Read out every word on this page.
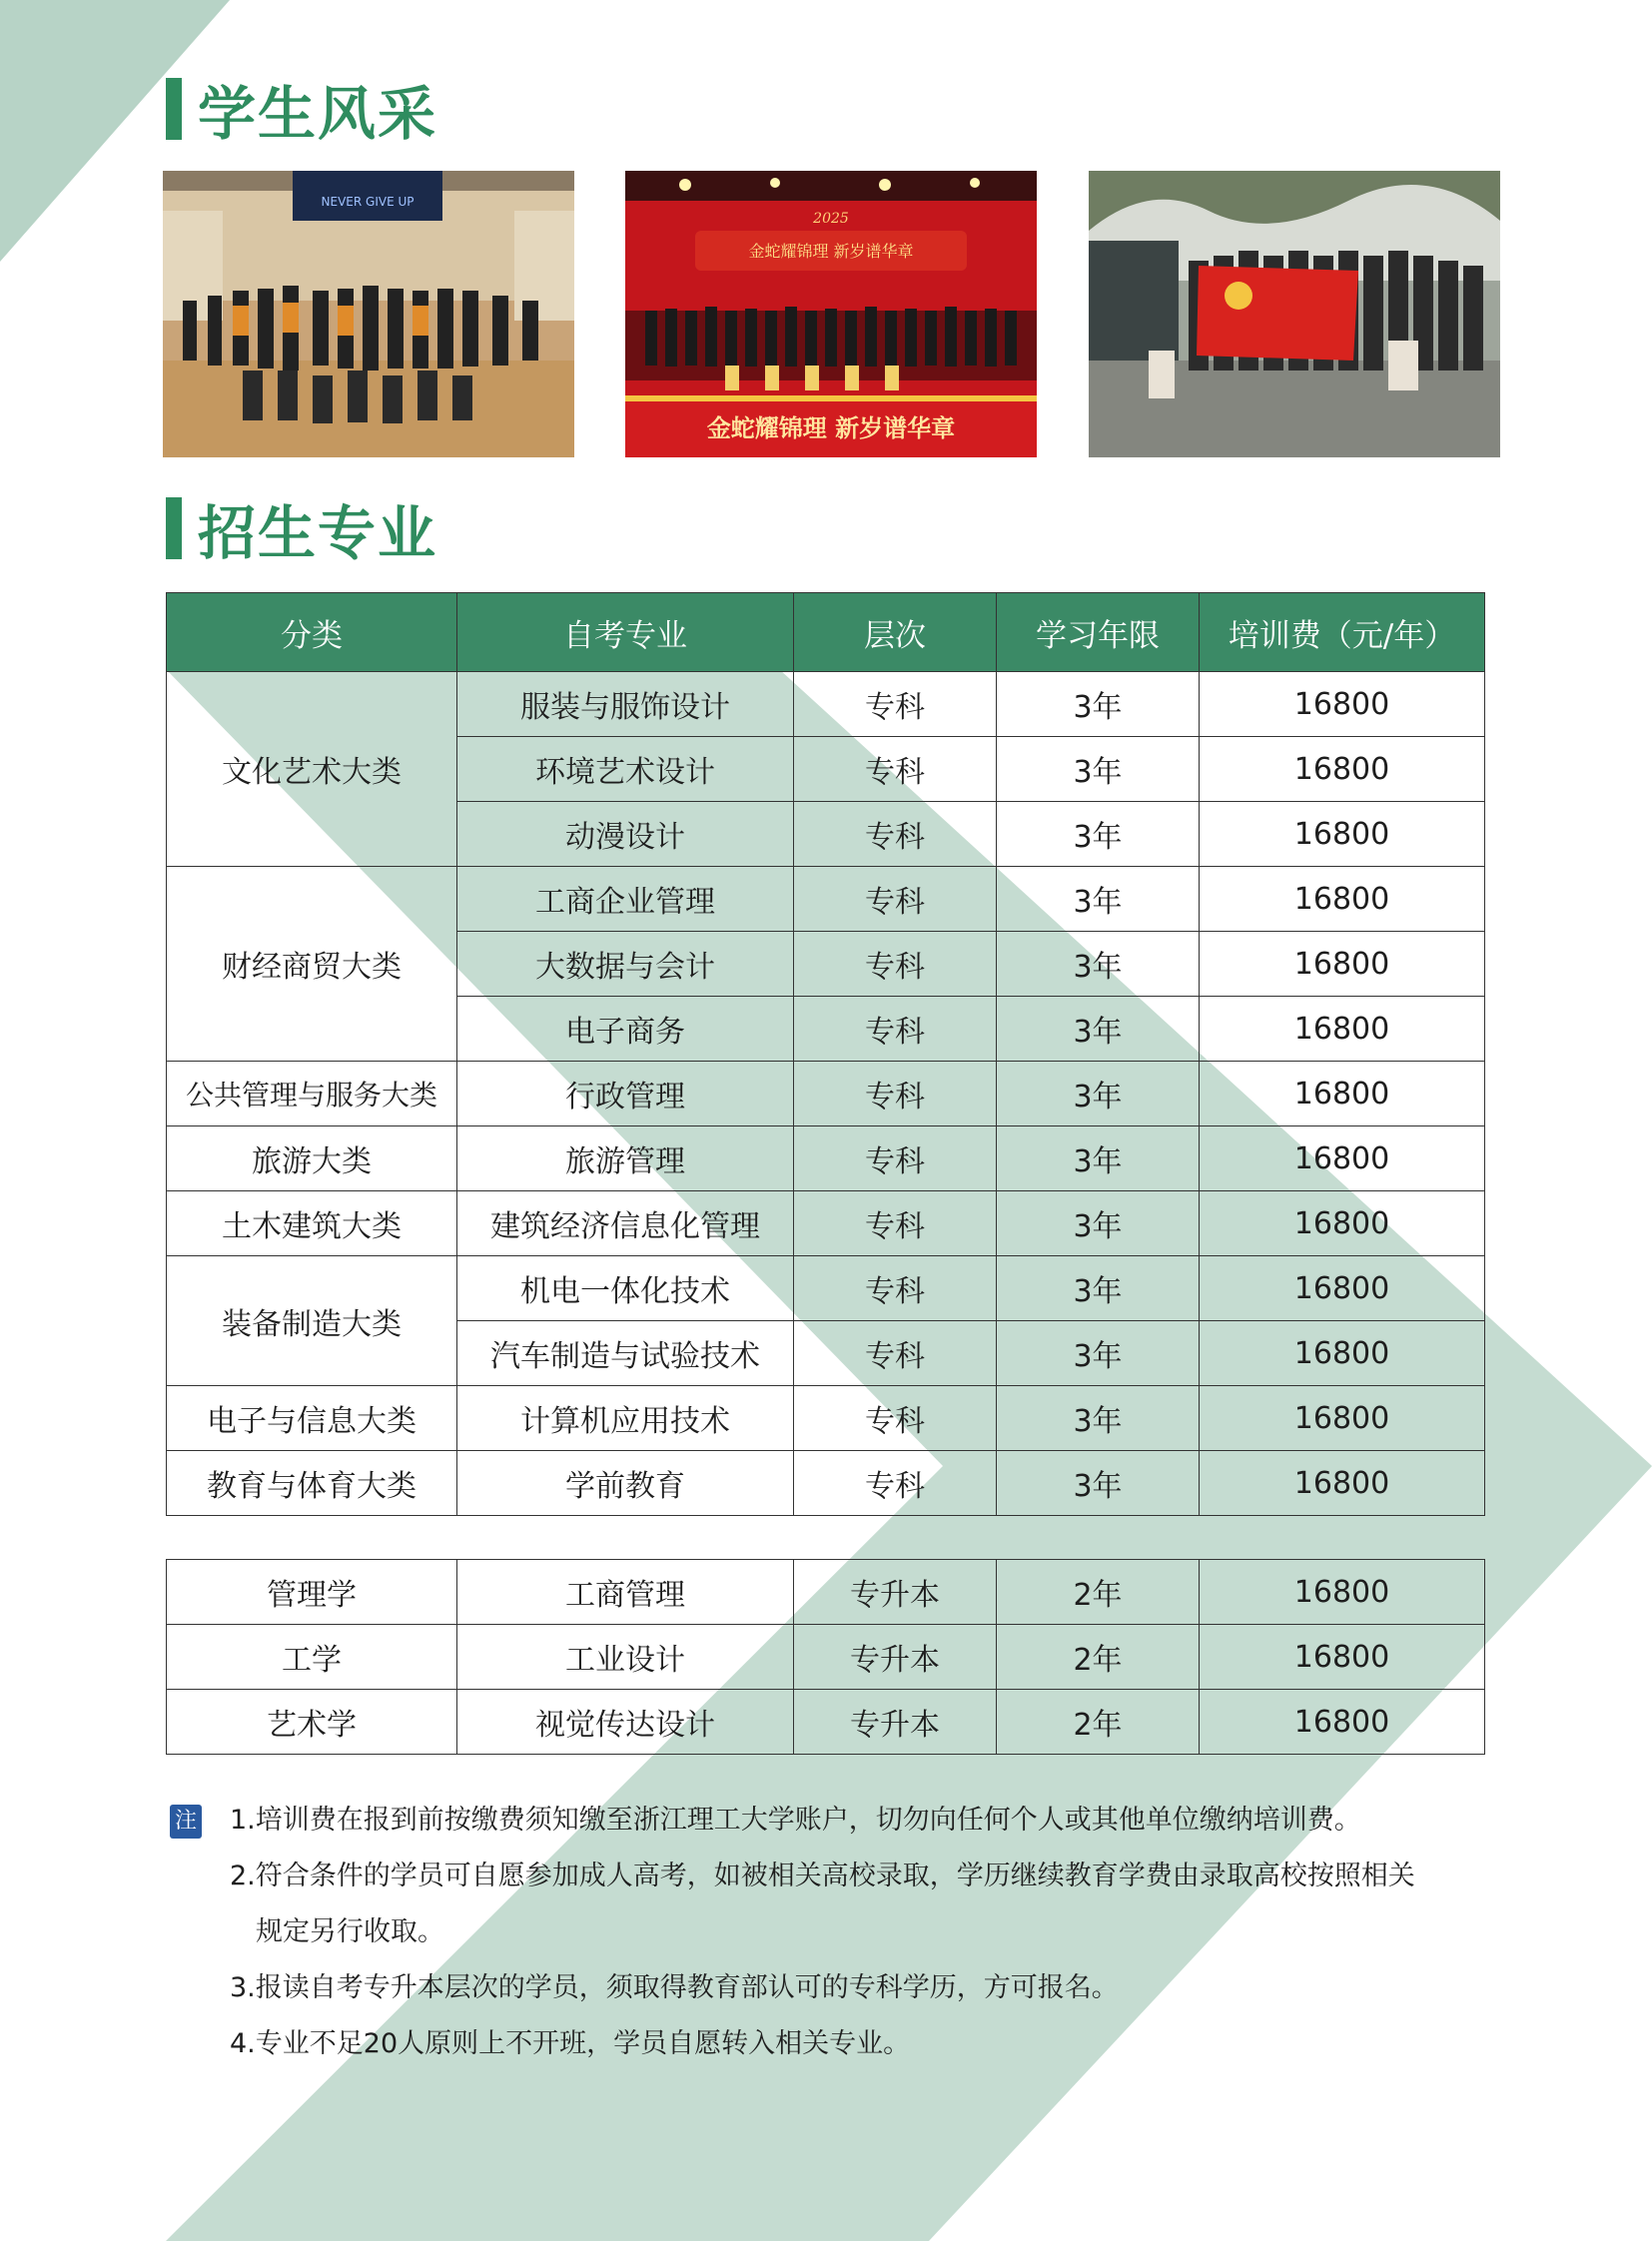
学生风采
NEVER GIVE UP
2025
金蛇耀锦理 新岁谱华章
金蛇耀锦理 新岁谱华章
招生专业
分类	自考专业	层次	学习年限	培训费（元/年）
文化艺术大类	服装与服饰设计	专科	3年	16800
	环境艺术设计	专科	3年	16800
	动漫设计	专科	3年	16800
财经商贸大类	工商企业管理	专科	3年	16800
	大数据与会计	专科	3年	16800
	电子商务	专科	3年	16800
公共管理与服务大类	行政管理	专科	3年	16800
旅游大类	旅游管理	专科	3年	16800
土木建筑大类	建筑经济信息化管理	专科	3年	16800
装备制造大类	机电一体化技术	专科	3年	16800
	汽车制造与试验技术	专科	3年	16800
电子与信息大类	计算机应用技术	专科	3年	16800
教育与体育大类	学前教育	专科	3年	16800
管理学	工商管理	专升本	2年	16800
工学	工业设计	专升本	2年	16800
艺术学	视觉传达设计	专升本	2年	16800
注 1.培训费在报到前按缴费须知缴至浙江理工大学账户，切勿向任何个人或其他单位缴纳培训费。
2.符合条件的学员可自愿参加成人高考，如被相关高校录取，学历继续教育学费由录取高校按照相关
规定另行收取。
3.报读自考专升本层次的学员，须取得教育部认可的专科学历，方可报名。
4.专业不足20人原则上不开班，学员自愿转入相关专业。
